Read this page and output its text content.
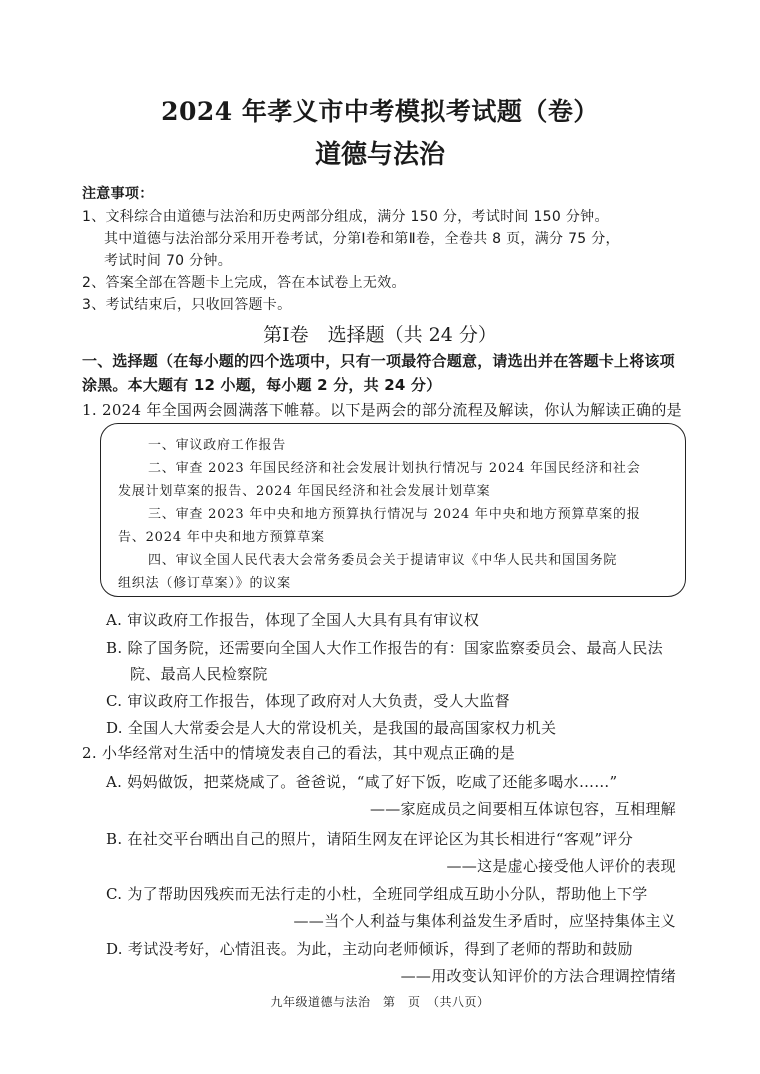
2024 年孝义市中考模拟考试题（卷）
道德与法治
注意事项：
1、文科综合由道德与法治和历史两部分组成，满分 150 分，考试时间 150 分钟。
其中道德与法治部分采用开卷考试，分第Ⅰ卷和第Ⅱ卷，全卷共 8 页，满分 75 分，
考试时间 70 分钟。
2、答案全部在答题卡上完成，答在本试卷上无效。
3、考试结束后，只收回答题卡。
第Ⅰ卷　选择题（共 24 分）
一、选择题（在每小题的四个选项中，只有一项最符合题意，请选出并在答题卡上将该项
涂黑。本大题有 12 小题，每小题 2 分，共 24 分）
1. 2024 年全国两会圆满落下帷幕。以下是两会的部分流程及解读，你认为解读正确的是
一、审议政府工作报告
二、审查 2023 年国民经济和社会发展计划执行情况与 2024 年国民经济和社会
发展计划草案的报告、2024 年国民经济和社会发展计划草案
三、审查 2023 年中央和地方预算执行情况与 2024 年中央和地方预算草案的报
告、2024 年中央和地方预算草案
四、审议全国人民代表大会常务委员会关于提请审议《中华人民共和国国务院
组织法（修订草案）》的议案
A. 审议政府工作报告，体现了全国人大具有具有审议权
B. 除了国务院，还需要向全国人大作工作报告的有：国家监察委员会、最高人民法
院、最高人民检察院
C. 审议政府工作报告，体现了政府对人大负责，受人大监督
D. 全国人大常委会是人大的常设机关，是我国的最高国家权力机关
2. 小华经常对生活中的情境发表自己的看法，其中观点正确的是
A. 妈妈做饭，把菜烧咸了。爸爸说，“咸了好下饭，吃咸了还能多喝水……”
——家庭成员之间要相互体谅包容，互相理解
B. 在社交平台晒出自己的照片，请陌生网友在评论区为其长相进行“客观”评分
——这是虚心接受他人评价的表现
C. 为了帮助因残疾而无法行走的小杜，全班同学组成互助小分队，帮助他上下学
——当个人利益与集体利益发生矛盾时，应坚持集体主义
D. 考试没考好，心情沮丧。为此，主动向老师倾诉，得到了老师的帮助和鼓励
——用改变认知评价的方法合理调控情绪
九年级道德与法治　第　页　（共八页）
